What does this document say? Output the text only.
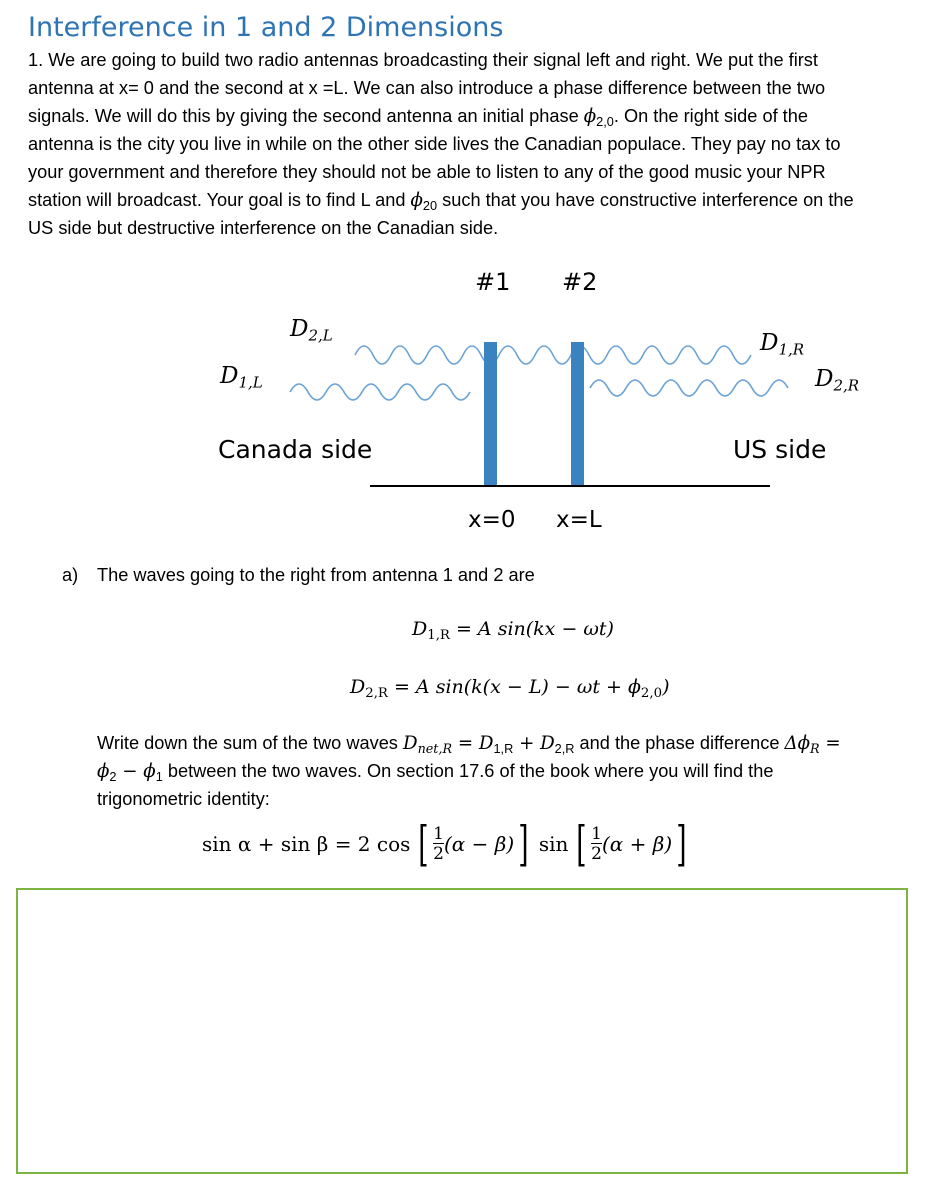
Interference in 1 and 2 Dimensions
1. We are going to build two radio antennas broadcasting their signal left and right. We put the first
antenna at x= 0 and the second at x =L. We can also introduce a phase difference between the two
signals. We will do this by giving the second antenna an initial phase $\phi_{2,0}$. On the right side of the
antenna is the city you live in while on the other side lives the Canadian populace. They pay no tax to
your government and therefore they should not be able to listen to any of the good music your NPR
station will broadcast. Your goal is to find L and $\phi_{20}$ such that you have constructive interference on the
US side but destructive interference on the Canadian side.
#1 #2
$D_{2,L}$
$D_{1,L}$
$D_{1,R}$
$D_{2,R}$
Canada side	US side
x=0 x=L
a) The waves going to the right from antenna 1 and 2 are
$D_{1,R} = A$ sin(kx − ωt)
$D_{2,R} = A$ $\sin(k(x - L) - \omega t + \phi_{2,0})$
Write down the sum of the two waves $D_{net,R} = D_{1,R} + D_{2,R}$ and the phase difference $\Delta\phi_R$ =
$\phi_2 - \phi_1$ between the two waves. On section 17.6 of the book where you will find the
trigonometric identity:
sin α + sin β = 2 cos [ 1
2 (α − β) ] sin [ 1
2 (α + β) ]
